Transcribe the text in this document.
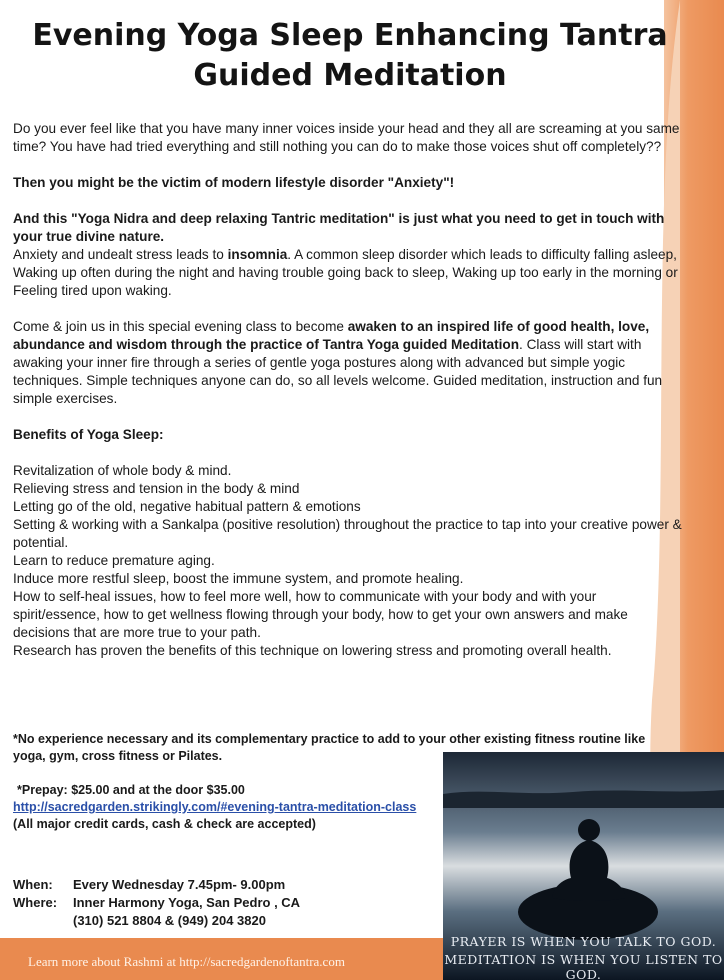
Learn more about Rashmi at http://sacredgardenoftantra.com
Evening Yoga Sleep Enhancing Tantra
Guided Meditation

Do you ever feel like that you have many inner voices inside your head and they all are screaming at you same time? You have had tried everything and still nothing you can do to make those voices shut off completely??

Then you might be the victim of modern lifestyle disorder "Anxiety"!

And this "Yoga Nidra and deep relaxing Tantric meditation" is just what you need to get in touch with your true divine nature.

Anxiety and undealt stress leads to insomnia. A common sleep disorder which leads to difficulty falling asleep, Waking up often during the night and having trouble going back to sleep, Waking up too early in the morning or Feeling tired upon waking.

Come & join us in this special evening class to become awaken to an inspired life of good health, love, abundance and wisdom through the practice of Tantra Yoga guided Meditation. Class will start with awaking your inner fire through a series of gentle yoga postures along with advanced but simple yogic techniques. Simple techniques anyone can do, so all levels welcome. Guided meditation, instruction and fun simple exercises.

Benefits of Yoga Sleep:

Revitalization of whole body & mind.

Relieving stress and tension in the body & mind

Letting go of the old, negative habitual pattern & emotions

Setting & working with a Sankalpa (positive resolution) throughout the practice to tap into your creative power & potential.

Learn to reduce premature aging.

Induce more restful sleep, boost the immune system, and promote healing.

How to self-heal issues, how to feel more well, how to communicate with your body and with your spirit/essence, how to get wellness flowing through your body, how to get your own answers and make decisions that are more true to your path.

Research has proven the benefits of this technique on lowering stress and promoting overall health.

*No experience necessary and its complementary practice to add to your other existing fitness routine like yoga, gym, cross fitness or Pilates.

*Prepay: $25.00 and at the door $35.00

http://sacredgarden.strikingly.com/#evening-tantra-meditation-class

(All major credit cards, cash & check are accepted)

When:	Every Wednesday 7.45pm- 9.00pm
Where:	Inner Harmony Yoga, San Pedro , CA
(310) 521 8804 & (949) 204 3820
PRAYER IS WHEN YOU TALK TO GOD.
MEDITATION IS WHEN YOU LISTEN TO GOD.
